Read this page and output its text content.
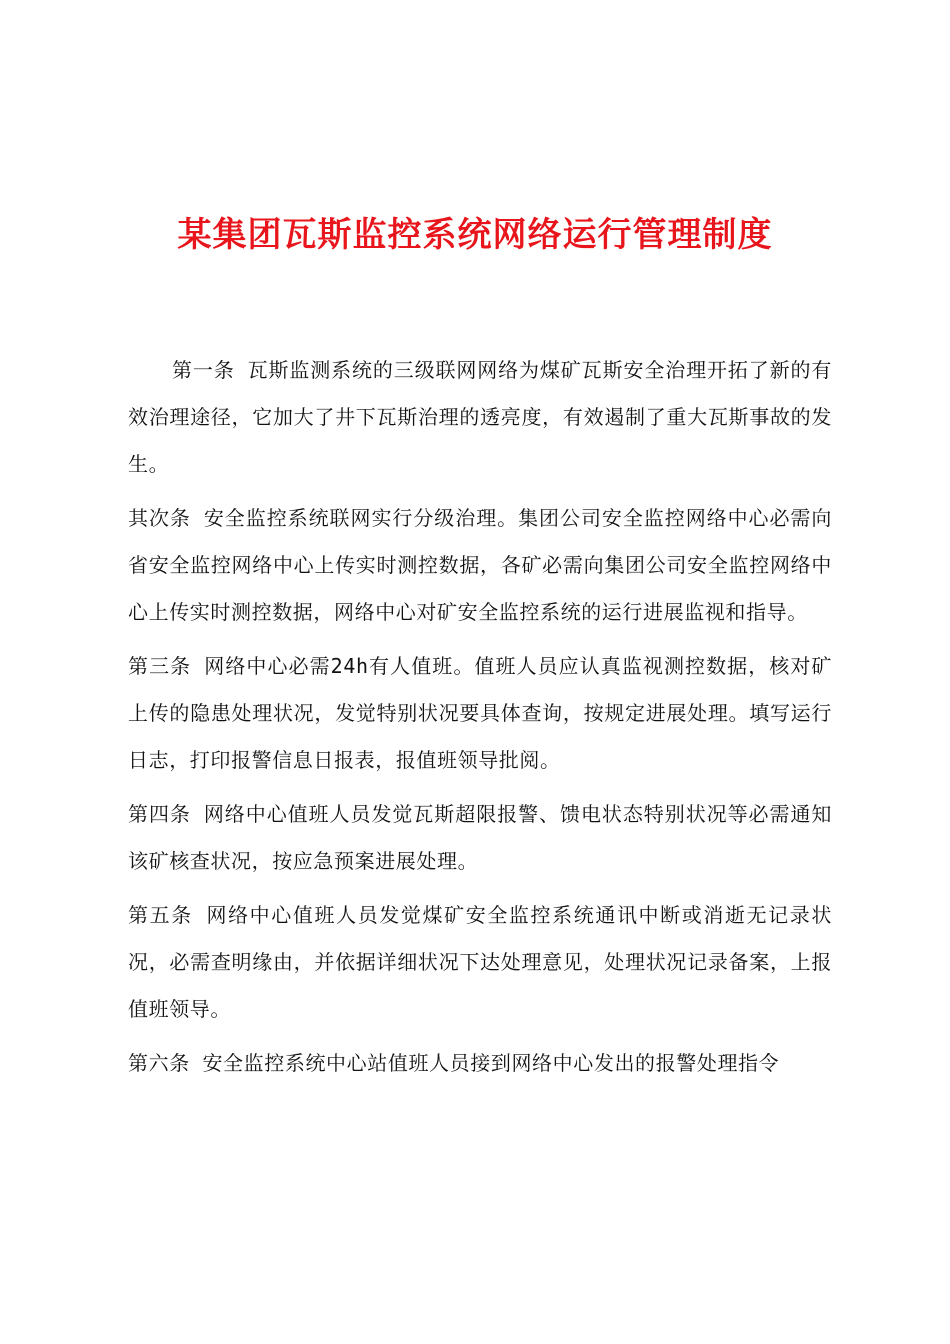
某集团瓦斯监控系统网络运行管理制度

第一条 瓦斯监测系统的三级联网网络为煤矿瓦斯安全治理开拓了新的有效治理途径，它加大了井下瓦斯治理的透亮度，有效遏制了重大瓦斯事故的发生。

其次条 安全监控系统联网实行分级治理。集团公司安全监控网络中心必需向省安全监控网络中心上传实时测控数据，各矿必需向集团公司安全监控网络中心上传实时测控数据，网络中心对矿安全监控系统的运行进展监视和指导。

第三条 网络中心必需24h有人值班。值班人员应认真监视测控数据，核对矿上传的隐患处理状况，发觉特别状况要具体查询，按规定进展处理。填写运行日志，打印报警信息日报表，报值班领导批阅。

第四条 网络中心值班人员发觉瓦斯超限报警、馈电状态特别状况等必需通知该矿核查状况，按应急预案进展处理。

第五条 网络中心值班人员发觉煤矿安全监控系统通讯中断或消逝无记录状况，必需查明缘由，并依据详细状况下达处理意见，处理状况记录备案，上报值班领导。

第六条 安全监控系统中心站值班人员接到网络中心发出的报警处理指令
